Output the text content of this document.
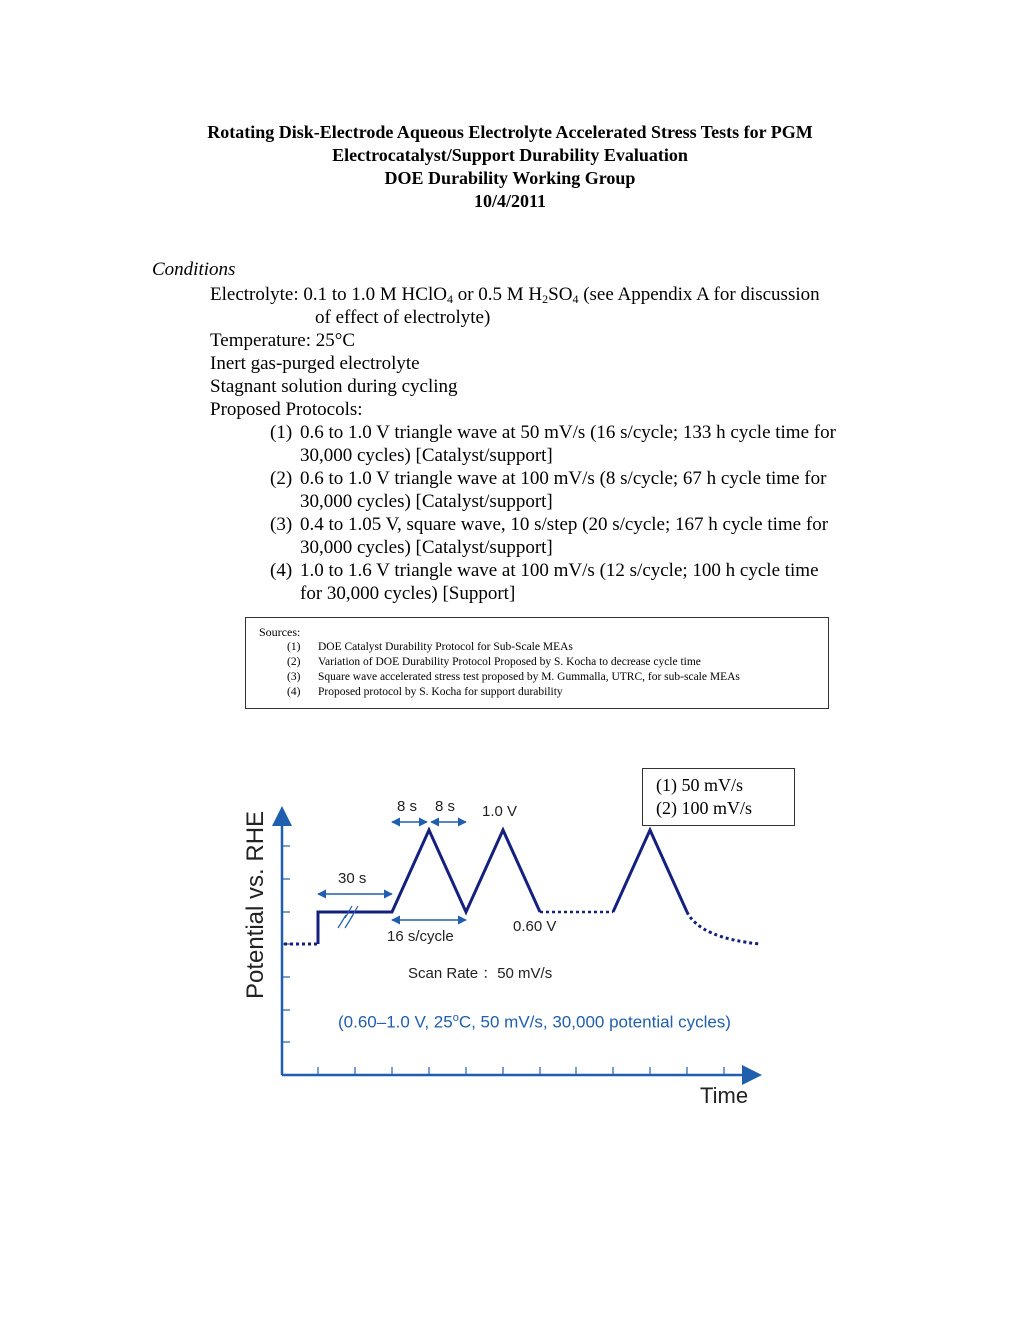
Rotating Disk-Electrode Aqueous Electrolyte Accelerated Stress Tests for PGM
Electrocatalyst/Support Durability Evaluation
DOE Durability Working Group
10/4/2011
Conditions
Electrolyte: 0.1 to 1.0 M HClO$_4$ or 0.5 M $H_2SO_4$ (see Appendix A for discussion
of effect of electrolyte)
Temperature: 25°C
Inert gas-purged electrolyte
Stagnant solution during cycling
Proposed Protocols:
(1) 0.6 to 1.0 V triangle wave at 50 mV/s (16 s/cycle; 133 h cycle time for
30,000 cycles) [Catalyst/support]
(2) 0.6 to 1.0 V triangle wave at 100 mV/s (8 s/cycle; 67 h cycle time for
30,000 cycles) [Catalyst/support]
(3) 0.4 to 1.05 V, square wave, 10 s/step (20 s/cycle; 167 h cycle time for
30,000 cycles) [Catalyst/support]
(4) 1.0 to 1.6 V triangle wave at 100 mV/s (12 s/cycle; 100 h cycle time
for 30,000 cycles) [Support]
Sources:
(1) DOE Catalyst Durability Protocol for Sub-Scale MEAs
(2) Variation of DOE Durability Protocol Proposed by S. Kocha to decrease cycle time
(3) Square wave accelerated stress test proposed by M. Gummalla, UTRC, for sub-scale MEAs
(4) Proposed protocol by S. Kocha for support durability
(1) 50 mV/s
(2) 100 mV/s
Potential vs. RHE
Time
8 s 8 s 1.0 V
30 s
16 s/cycle
0.60 V
Scan Rate ：50 mV/s
(0.60–1.0 V, 25$^o$C, 50 mV/s, 30,000 potential cycles)
